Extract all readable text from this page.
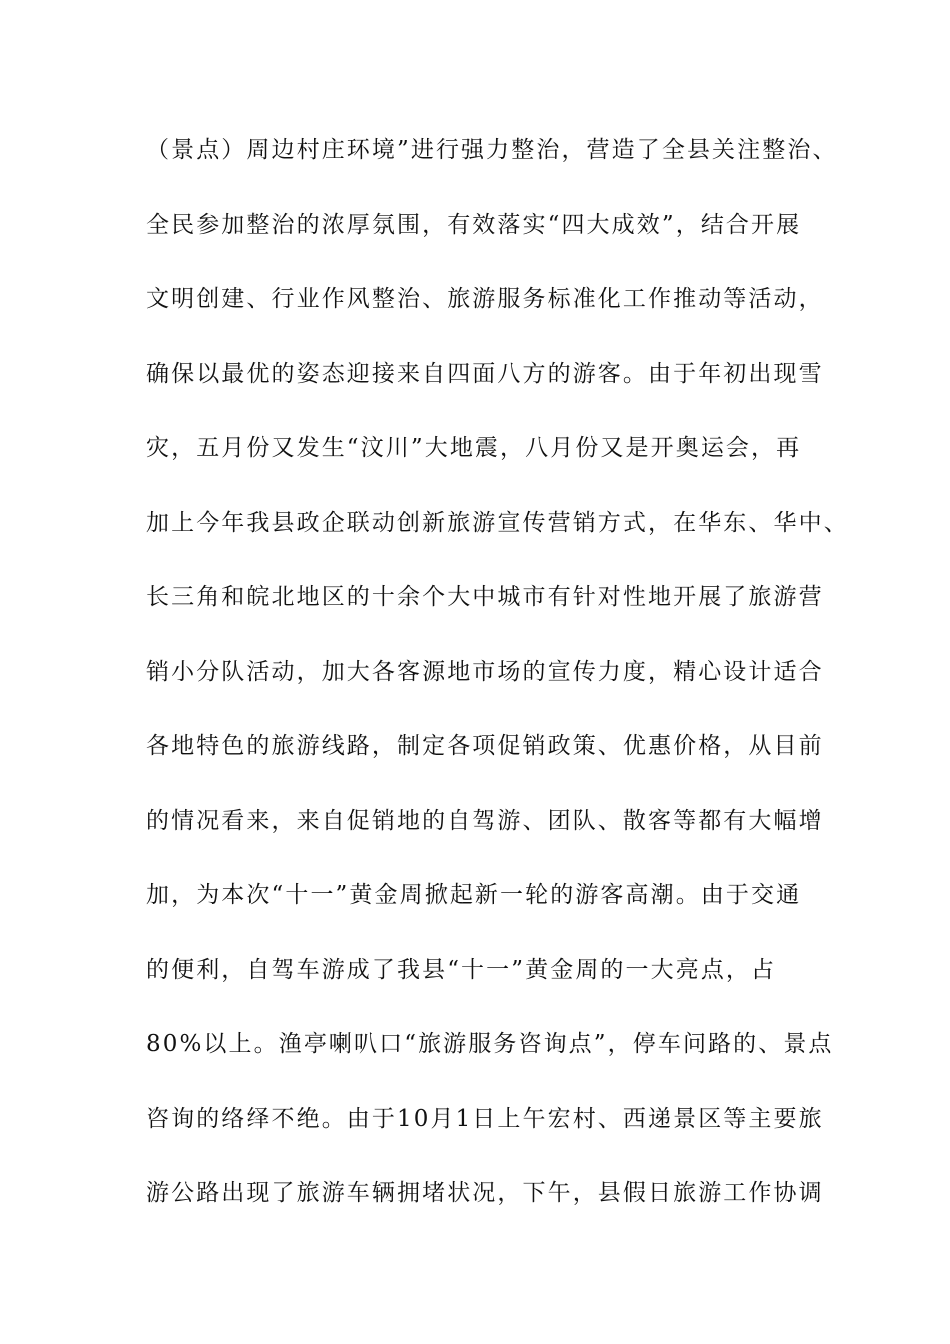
（景点）周边村庄环境”进行强力整治，营造了全县关注整治、
全民参加整治的浓厚氛围，有效落实“四大成效”，结合开展
文明创建、行业作风整治、旅游服务标准化工作推动等活动，
确保以最优的姿态迎接来自四面八方的游客。由于年初出现雪
灾，五月份又发生“汶川”大地震，八月份又是开奥运会，再
加上今年我县政企联动创新旅游宣传营销方式，在华东、华中、
长三角和皖北地区的十余个大中城市有针对性地开展了旅游营
销小分队活动，加大各客源地市场的宣传力度，精心设计适合
各地特色的旅游线路，制定各项促销政策、优惠价格，从目前
的情况看来，来自促销地的自驾游、团队、散客等都有大幅增
加，为本次“十一”黄金周掀起新一轮的游客高潮。由于交通
的便利，自驾车游成了我县“十一”黄金周的一大亮点，占
80%以上。渔亭喇叭口“旅游服务咨询点”，停车问路的、景点
咨询的络绎不绝。由于10月1日上午宏村、西递景区等主要旅
游公路出现了旅游车辆拥堵状况，下午，县假日旅游工作协调
